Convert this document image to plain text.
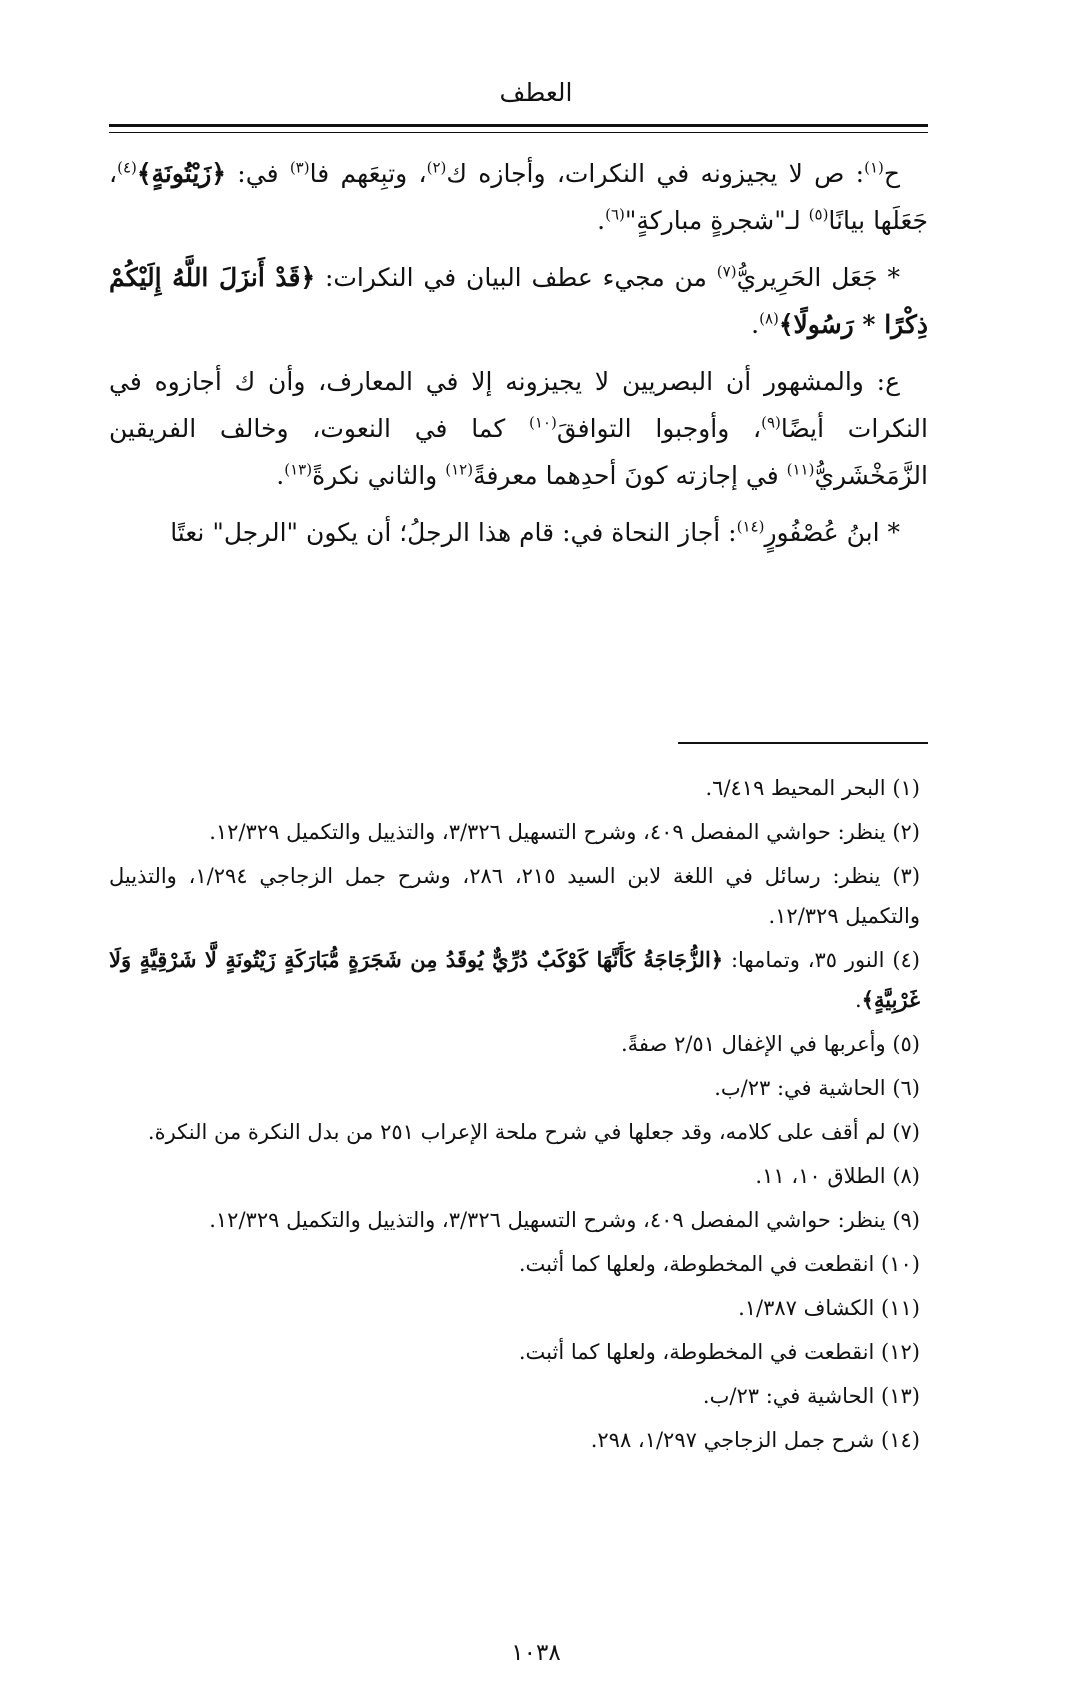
العطف

ح$^{(١)}$: ص لا يجيزونه في النكرات، وأجازه ك$^{(٢)}$، وتبِعَهم فا$^{(٣)}$ في: ﴿زَيْتُونَةٍ﴾$^{(٤)}$، جَعَلَها بيانًا$^{(٥)}$ لـ"شجرةٍ مباركةٍ"$^{(٦)}$.

* جَعَل الحَرِيريُّ$^{(٧)}$ من مجيء عطف البيان في النكرات: ﴿قَدْ أَنزَلَ اللَّهُ إِلَيْكُمْ ذِكْرًا * رَسُولًا﴾$^{(٨)}$.

ع: والمشهور أن البصريين لا يجيزونه إلا في المعارف، وأن ك أجازوه في النكرات أيضًا$^{(٩)}$، وأوجبوا التوافقَ$^{(١٠)}$ كما في النعوت، وخالف الفريقين الزَّمَخْشَريُّ$^{(١١)}$ في إجازته كونَ أحدِهما معرفةً$^{(١٢)}$ والثاني نكرةً$^{(١٣)}$.

* ابنُ عُصْفُورٍ$^{(١٤)}$: أجاز النحاة في: قام هذا الرجلُ؛ أن يكون "الرجل" نعتًا

(١) البحر المحيط ٦/٤١٩.

(٢) ينظر: حواشي المفصل ٤٠٩، وشرح التسهيل ٣/٣٢٦، والتذييل والتكميل ١٢/٣٢٩.

(٣) ينظر: رسائل في اللغة لابن السيد ٢١٥، ٢٨٦، وشرح جمل الزجاجي ١/٢٩٤، والتذييل والتكميل ١٢/٣٢٩.

(٤) النور ٣٥، وتمامها: ﴿الزُّجَاجَةُ كَأَنَّهَا كَوْكَبٌ دُرِّيٌّ يُوقَدُ مِن شَجَرَةٍ مُّبَارَكَةٍ زَيْتُونَةٍ لَّا شَرْقِيَّةٍ وَلَا غَرْبِيَّةٍ﴾.

(٥) وأعربها في الإغفال ٢/٥١ صفةً.

(٦) الحاشية في: ٢٣/ب.

(٧) لم أقف على كلامه، وقد جعلها في شرح ملحة الإعراب ٢٥١ من بدل النكرة من النكرة.

(٨) الطلاق ١٠، ١١.

(٩) ينظر: حواشي المفصل ٤٠٩، وشرح التسهيل ٣/٣٢٦، والتذييل والتكميل ١٢/٣٢٩.

(١٠) انقطعت في المخطوطة، ولعلها كما أثبت.

(١١) الكشاف ١/٣٨٧.

(١٢) انقطعت في المخطوطة، ولعلها كما أثبت.

(١٣) الحاشية في: ٢٣/ب.

(١٤) شرح جمل الزجاجي ١/٢٩٧، ٢٩٨.

١٠٣٨
